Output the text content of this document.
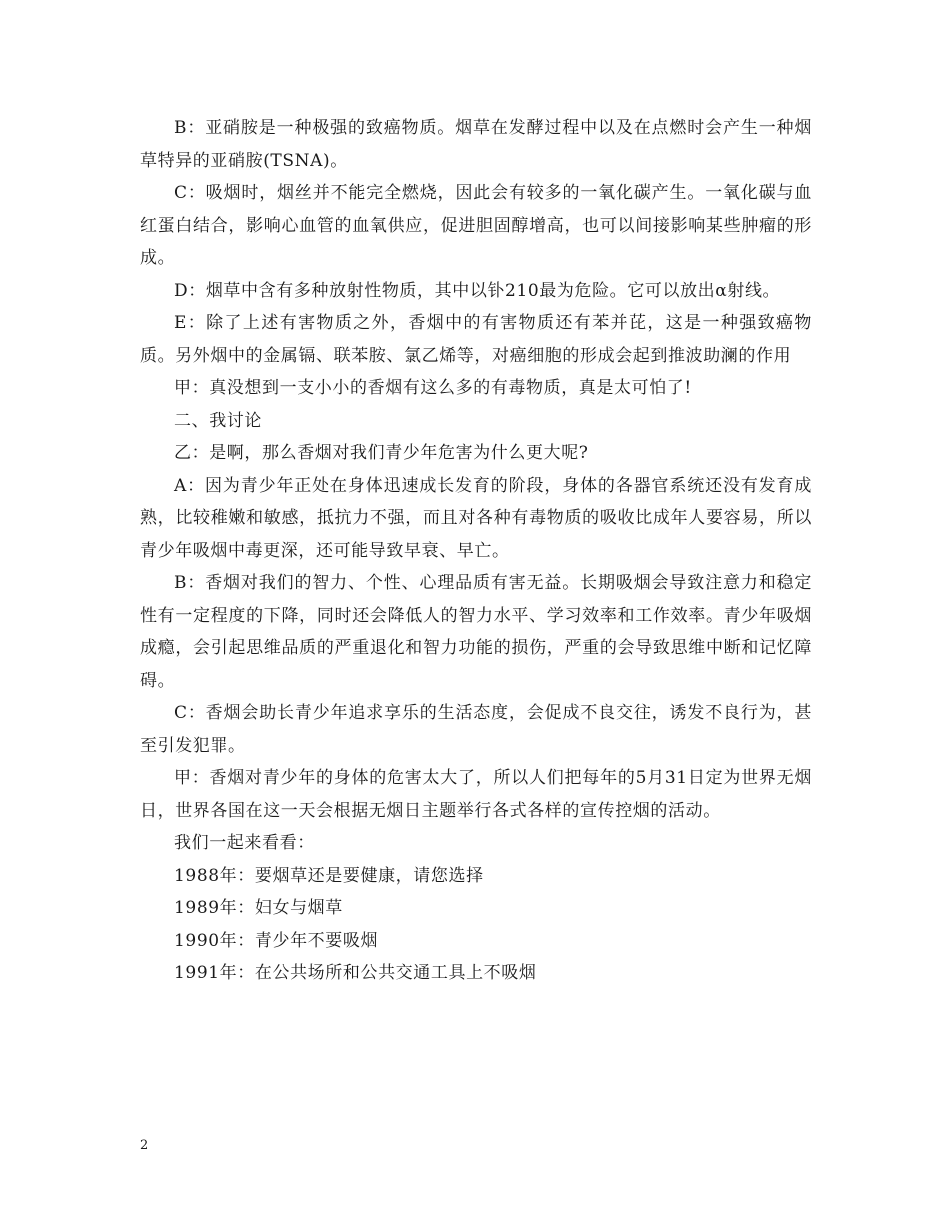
B：亚硝胺是一种极强的致癌物质。烟草在发酵过程中以及在点燃时会产生一种烟草特异的亚硝胺(TSNA)。

C：吸烟时，烟丝并不能完全燃烧，因此会有较多的一氧化碳产生。一氧化碳与血红蛋白结合，影响心血管的血氧供应，促进胆固醇增高，也可以间接影响某些肿瘤的形成。

D：烟草中含有多种放射性物质，其中以钋210最为危险。它可以放出α射线。

E：除了上述有害物质之外，香烟中的有害物质还有苯并芘，这是一种强致癌物质。另外烟中的金属镉、联苯胺、氯乙烯等，对癌细胞的形成会起到推波助澜的作用

甲：真没想到一支小小的香烟有这么多的有毒物质，真是太可怕了!

二、我讨论

乙：是啊，那么香烟对我们青少年危害为什么更大呢?

A：因为青少年正处在身体迅速成长发育的阶段，身体的各器官系统还没有发育成熟，比较稚嫩和敏感，抵抗力不强，而且对各种有毒物质的吸收比成年人要容易，所以青少年吸烟中毒更深，还可能导致早衰、早亡。

B：香烟对我们的智力、个性、心理品质有害无益。长期吸烟会导致注意力和稳定性有一定程度的下降，同时还会降低人的智力水平、学习效率和工作效率。青少年吸烟成瘾，会引起思维品质的严重退化和智力功能的损伤，严重的会导致思维中断和记忆障碍。

C：香烟会助长青少年追求享乐的生活态度，会促成不良交往，诱发不良行为，甚至引发犯罪。

甲：香烟对青少年的身体的危害太大了，所以人们把每年的5月31日定为世界无烟日，世界各国在这一天会根据无烟日主题举行各式各样的宣传控烟的活动。

我们一起来看看：

1988年：要烟草还是要健康，请您选择

1989年：妇女与烟草

1990年：青少年不要吸烟

1991年：在公共场所和公共交通工具上不吸烟

2
